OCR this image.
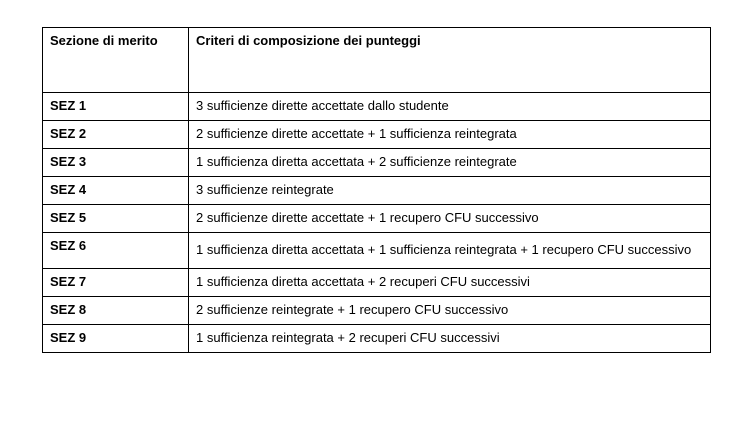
Sezione di merito	Criteri di composizione dei punteggi
SEZ 1	3 sufficienze dirette accettate dallo studente
SEZ 2	2 sufficienze dirette accettate + 1 sufficienza reintegrata
SEZ 3	1 sufficienza diretta accettata + 2 sufficienze reintegrate
SEZ 4	3 sufficienze reintegrate
SEZ 5	2 sufficienze dirette accettate + 1 recupero CFU successivo
SEZ 6	1 sufficienza diretta accettata + 1 sufficienza reintegrata + 1 recupero CFU successivo
SEZ 7	1 sufficienza diretta accettata + 2 recuperi CFU successivi
SEZ 8	2 sufficienze reintegrate + 1 recupero CFU successivo
SEZ 9	1 sufficienza reintegrata + 2 recuperi CFU successivi
